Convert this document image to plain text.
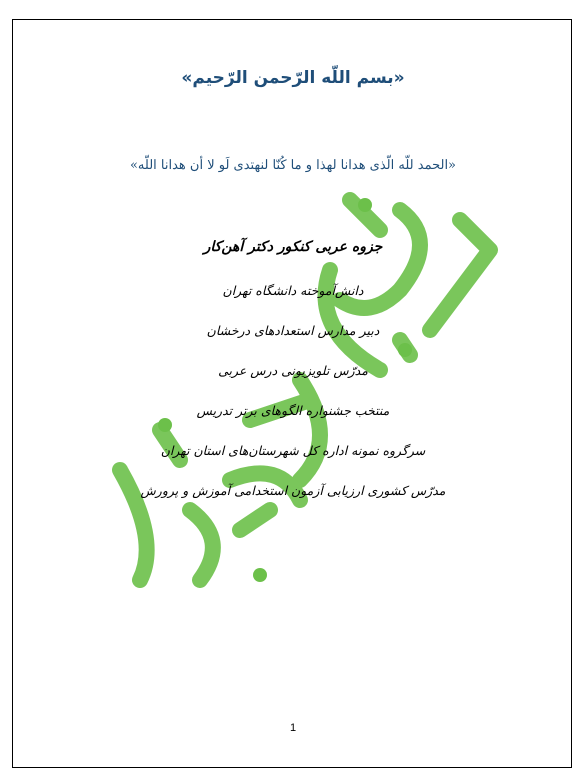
«بسم اللّه الرّحمن الرّحیم»
«الحمد للّه الّذی هدانا لهذا و ما کُنّا لنهتدی لَو لا أن هدانا اللّه»
جزوه عربی کنکور دکتر آهن‌کار
دانش‌آموخته دانشگاه تهران
دبیر مدارس استعدادهای درخشان
مدرّس تلویزیونی درس عربی
منتخب جشنواره الگوهای برتر تدریس
سرگروه نمونه اداره کل شهرستان‌های استان تهران
مدرّس کشوری ارزیابی آزمون استخدامی آموزش و پرورش
1
